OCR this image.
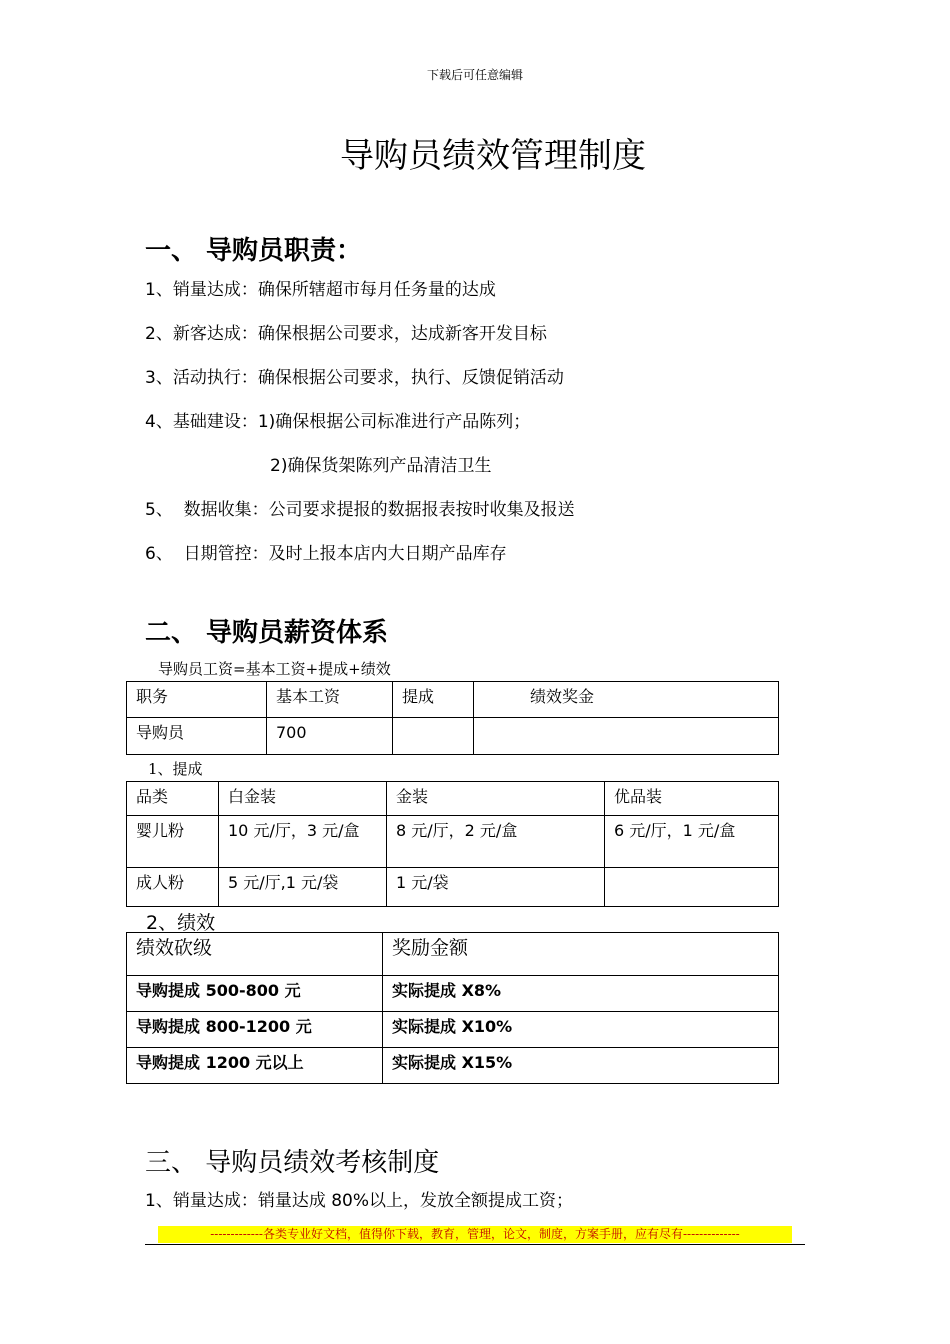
下载后可任意编辑
导购员绩效管理制度
一、 导购员职责：
1、销量达成：确保所辖超市每月任务量的达成
2、新客达成：确保根据公司要求，达成新客开发目标
3、活动执行：确保根据公司要求，执行、反馈促销活动
4、基础建设：1)确保根据公司标准进行产品陈列；
2)确保货架陈列产品清洁卫生
5、  数据收集：公司要求提报的数据报表按时收集及报送
6、  日期管控：及时上报本店内大日期产品库存
二、 导购员薪资体系
导购员工资=基本工资+提成+绩效
职务	基本工资	提成	绩效奖金
导购员	700		
1、提成
品类	白金装	金装	优品装
婴儿粉	10 元/厅，3 元/盒	8 元/厅，2 元/盒	6 元/厅，1 元/盒
成人粉	5 元/厅,1 元/袋	1 元/袋	
2、绩效
绩效砍级	奖励金额
导购提成 500-800 元	实际提成 X8%
导购提成 800-1200 元	实际提成 X10%
导购提成 1200 元以上	实际提成 X15%
三、 导购员绩效考核制度
1、销量达成：销量达成 80%以上，发放全额提成工资；
-------------各类专业好文档，值得你下载，教育，管理，论文，制度，方案手册，应有尽有--------------
